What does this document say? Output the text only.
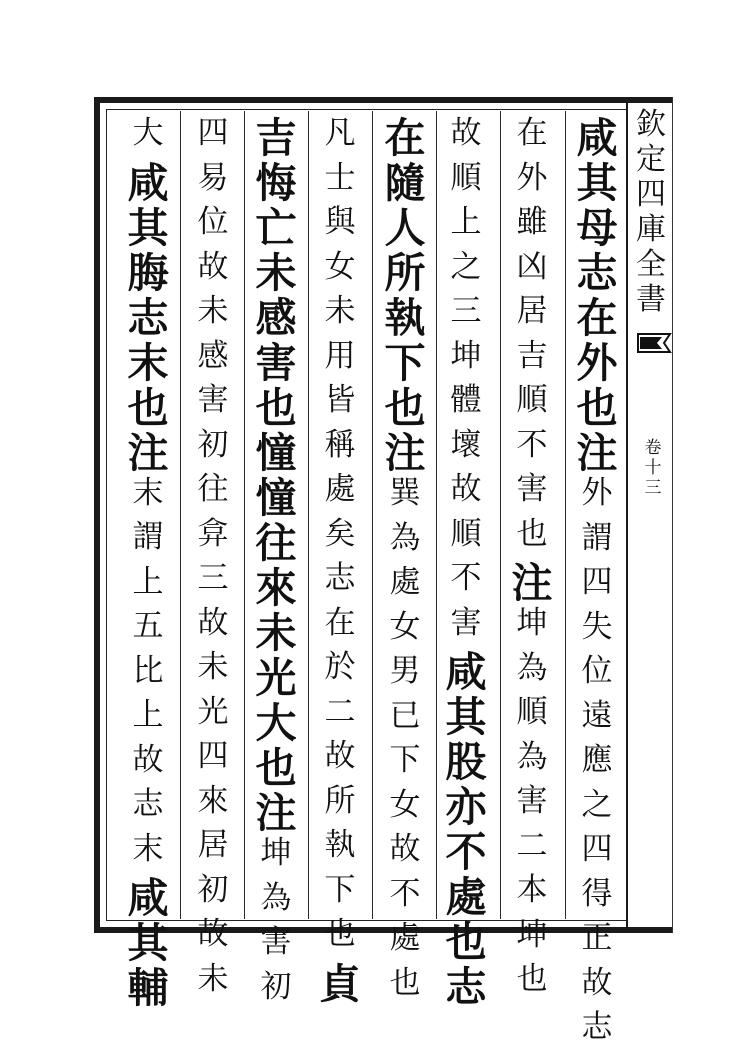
欽
定
四
庫
全
書
卷
十
三
咸
其
母
志
在
外
也
注
外
謂
四
失
位
遠
應
之
四
得
正
故
志
在
外
雖
凶
居
吉
順
不
害
也
注
坤
為
順
為
害
二
本
坤
也
故
順
上
之
三
坤
體
壞
故
順
不
害
咸
其
股
亦
不
處
也
志
在
隨
人
所
執
下
也
注
巽
為
處
女
男
已
下
女
故
不
處
也
凡
士
與
女
未
用
皆
稱
處
矣
志
在
於
二
故
所
執
下
也
貞
吉
悔
亡
未
感
害
也
憧
憧
往
來
未
光
大
也
注
坤
為
害
初
四
易
位
故
未
感
害
初
往
弇
三
故
未
光
四
來
居
初
故
未
大
咸
其
脢
志
末
也
注
末
謂
上
五
比
上
故
志
末
咸
其
輔
